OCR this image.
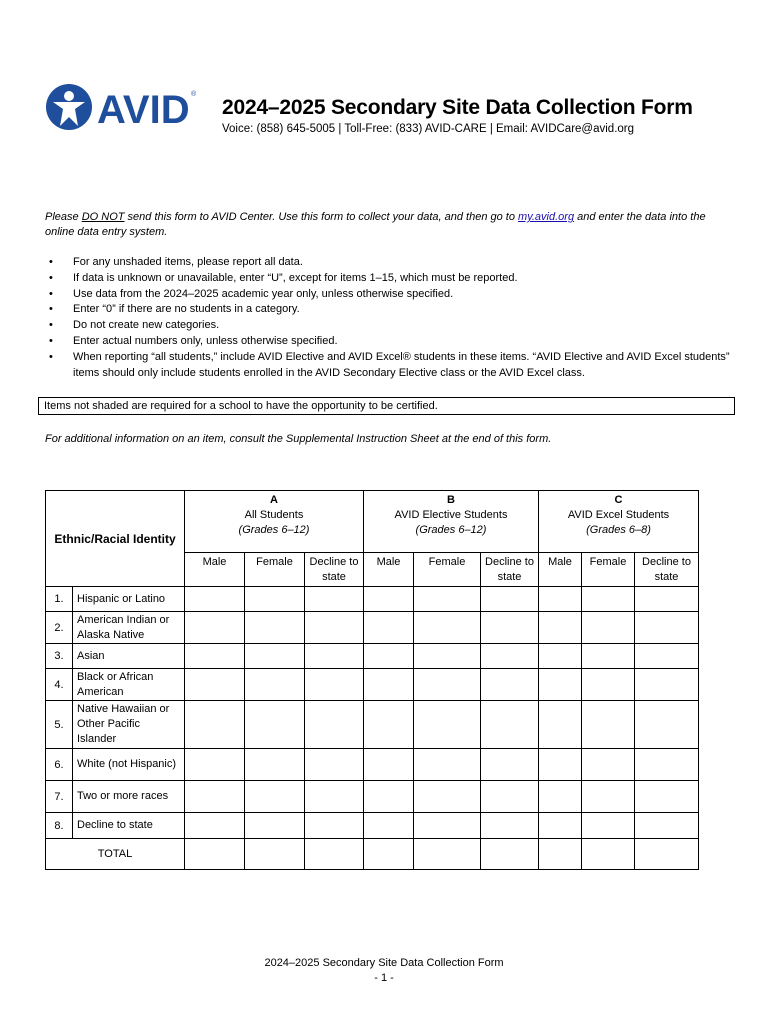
AVID ®
2024–2025 Secondary Site Data Collection Form
Voice: (858) 645-5005 | Toll-Free: (833) AVID-CARE | Email: AVIDCare@avid.org
Please DO NOT send this form to AVID Center. Use this form to collect your data, and then go to my.avid.org and enter the data into the online data entry system.
• For any unshaded items, please report all data.
• If data is unknown or unavailable, enter “U”, except for items 1–15, which must be reported.
• Use data from the 2024–2025 academic year only, unless otherwise specified.
• Enter “0” if there are no students in a category.
• Do not create new categories.
• Enter actual numbers only, unless otherwise specified.
• When reporting “all students,” include AVID Elective and AVID Excel® students in these items. “AVID Elective and AVID Excel students” items should only include students enrolled in the AVID Secondary Elective class or the AVID Excel class.
Items not shaded are required for a school to have the opportunity to be certified.
For additional information on an item, consult the Supplemental Instruction Sheet at the end of this form.
Ethnic/Racial Identity		A
All Students
(Grades 6–12)			B
AVID Elective Students
(Grades 6–12)			C
AVID Excel Students
(Grades 6–8)		
		Male	Female	Decline to state	Male	Female	Decline to state	Male	Female	Decline to state
1.	Hispanic or Latino									
2.	American Indian or Alaska Native									
3.	Asian									
4.	Black or African American									
5.	Native Hawaiian or Other Pacific Islander									
6.	White (not Hispanic)									
7.	Two or more races									
8.	Decline to state									
TOTAL										
2024–2025 Secondary Site Data Collection Form
- 1 -
